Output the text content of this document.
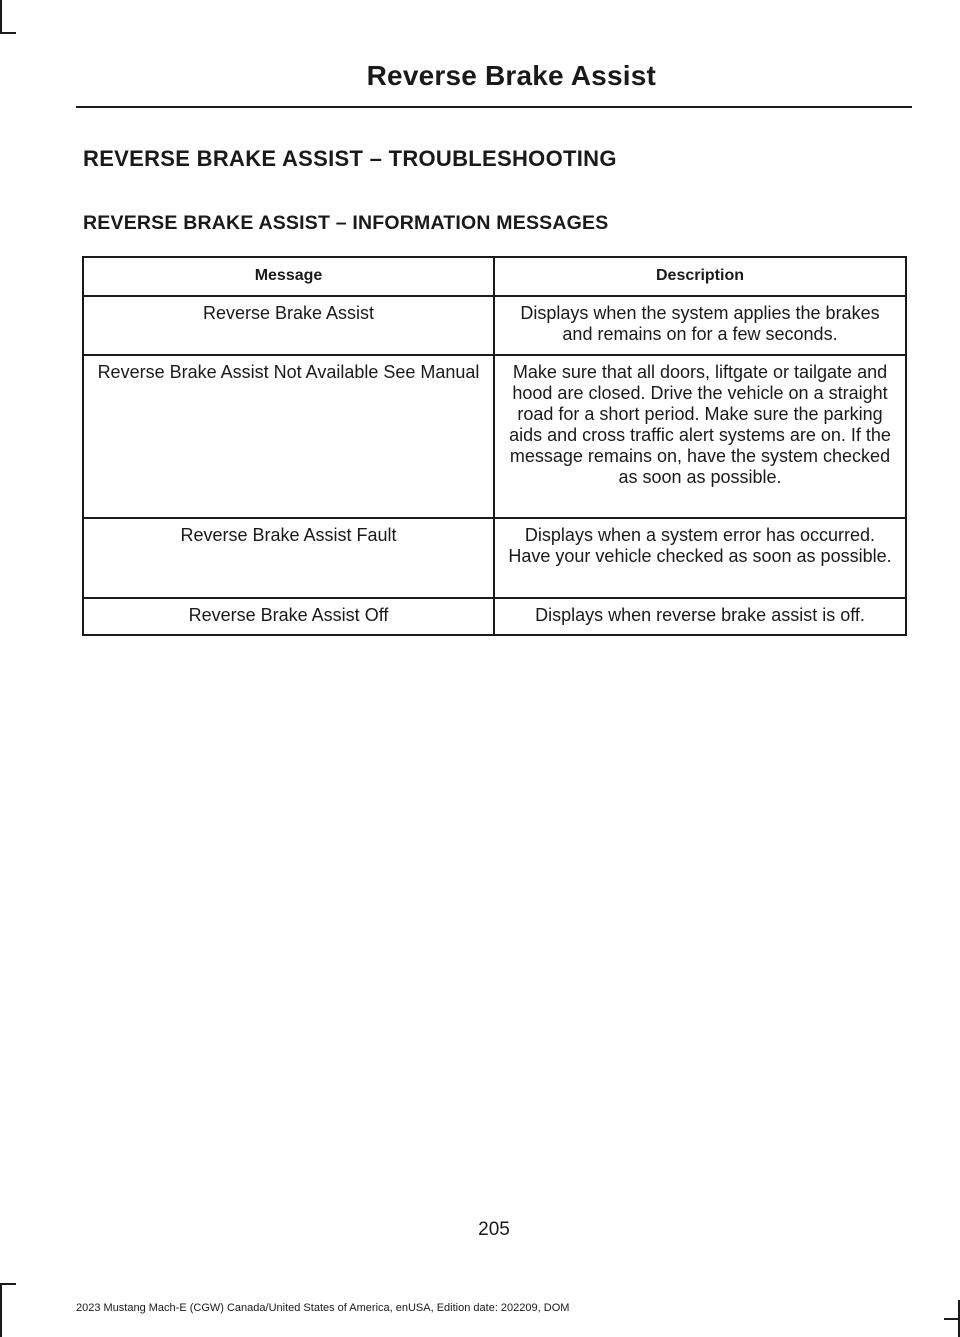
Reverse Brake Assist
REVERSE BRAKE ASSIST – TROUBLESHOOTING
REVERSE BRAKE ASSIST – INFORMATION MESSAGES
Message	Description
Reverse Brake Assist	Displays when the system applies the brakes and remains on for a few seconds.
Reverse Brake Assist Not Available See Manual	Make sure that all doors, liftgate or tailgate and hood are closed. Drive the vehicle on a straight road for a short period. Make sure the parking aids and cross traffic alert systems are on. If the message remains on, have the system checked as soon as possible.
Reverse Brake Assist Fault	Displays when a system error has occurred. Have your vehicle checked as soon as possible.
Reverse Brake Assist Off	Displays when reverse brake assist is off.
205
2023 Mustang Mach-E (CGW) Canada/United States of America, enUSA, Edition date: 202209, DOM
